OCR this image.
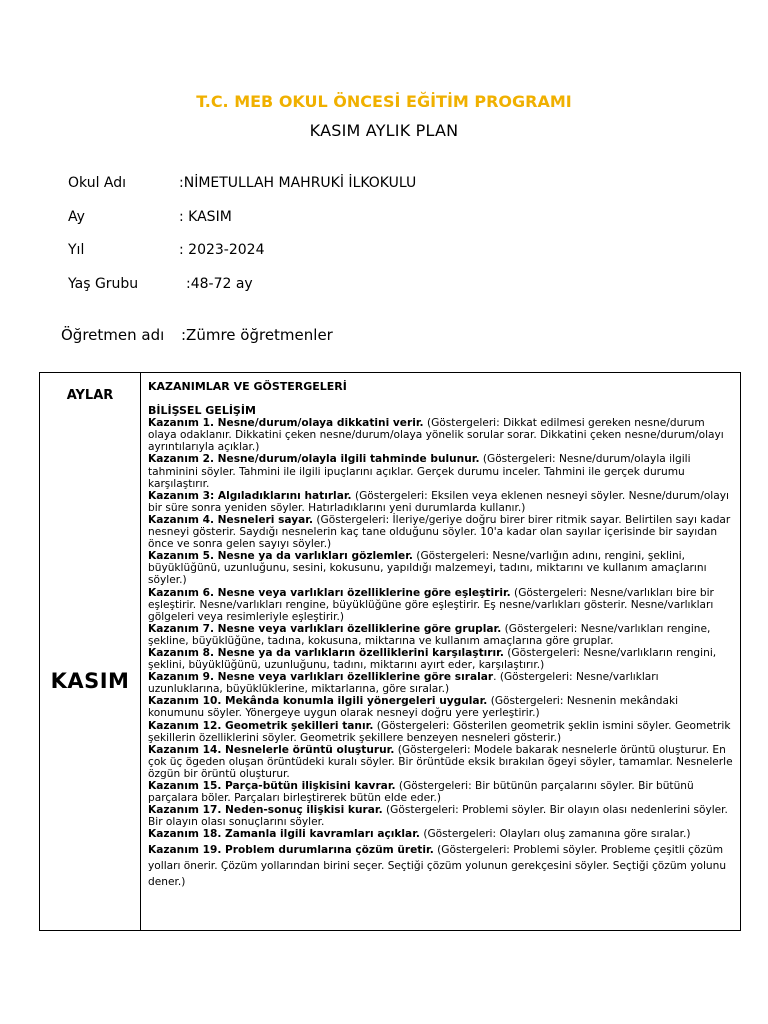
T.C. MEB OKUL ÖNCESİ EĞİTİM PROGRAMI
KASIM AYLIK PLAN
Okul Adı	:NİMETULLAH MAHRUKİ İLKOKULU
Ay	: KASIM
Yıl	: 2023-2024
Yaş Grubu	:48-72 ay
Öğretmen adı :Zümre öğretmenler
AYLAR
KASIM

KAZANIMLAR VE GÖSTERGELERİ
BİLİŞSEL GELİŞİM

Kazanım 1. Nesne/durum/olaya dikkatini verir. (Göstergeleri: Dikkat edilmesi gereken nesne/durum olaya odaklanır. Dikkatini çeken nesne/durum/olaya yönelik sorular sorar. Dikkatini çeken nesne/durum/olayı ayrıntılarıyla açıklar.)

Kazanım 2. Nesne/durum/olayla ilgili tahminde bulunur. (Göstergeleri: Nesne/durum/olayla ilgili tahminini söyler. Tahmini ile ilgili ipuçlarını açıklar. Gerçek durumu inceler. Tahmini ile gerçek durumu karşılaştırır.

Kazanım 3: Algıladıklarını hatırlar. (Göstergeleri: Eksilen veya eklenen nesneyi söyler. Nesne/durum/olayı bir süre sonra yeniden söyler. Hatırladıklarını yeni durumlarda kullanır.)

Kazanım 4. Nesneleri sayar. (Göstergeleri: İleriye/geriye doğru birer birer ritmik sayar. Belirtilen sayı kadar nesneyi gösterir. Saydığı nesnelerin kaç tane olduğunu söyler. 10'a kadar olan sayılar içerisinde bir sayıdan önce ve sonra gelen sayıyı söyler.)

Kazanım 5. Nesne ya da varlıkları gözlemler. (Göstergeleri: Nesne/varlığın adını, rengini, şeklini, büyüklüğünü, uzunluğunu, sesini, kokusunu, yapıldığı malzemeyi, tadını, miktarını ve kullanım amaçlarını söyler.)

Kazanım 6. Nesne veya varlıkları özelliklerine göre eşleştirir. (Göstergeleri: Nesne/varlıkları bire bir eşleştirir. Nesne/varlıkları rengine, büyüklüğüne göre eşleştirir. Eş nesne/varlıkları gösterir. Nesne/varlıkları gölgeleri veya resimleriyle eşleştirir.)

Kazanım 7. Nesne veya varlıkları özelliklerine göre gruplar. (Göstergeleri: Nesne/varlıkları rengine, şekline, büyüklüğüne, tadına, kokusuna, miktarına ve kullanım amaçlarına göre gruplar.

Kazanım 8. Nesne ya da varlıkların özelliklerini karşılaştırır. (Göstergeleri: Nesne/varlıkların rengini, şeklini, büyüklüğünü, uzunluğunu, tadını, miktarını ayırt eder, karşılaştırır.)

Kazanım 9. Nesne veya varlıkları özelliklerine göre sıralar. (Göstergeleri: Nesne/varlıkları uzunluklarına, büyüklüklerine, miktarlarına, göre sıralar.)

Kazanım 10. Mekânda konumla ilgili yönergeleri uygular. (Göstergeleri: Nesnenin mekândaki konumunu söyler. Yönergeye uygun olarak nesneyi doğru yere yerleştirir.)

Kazanım 12. Geometrik şekilleri tanır. (Göstergeleri: Gösterilen geometrik şeklin ismini söyler. Geometrik şekillerin özelliklerini söyler. Geometrik şekillere benzeyen nesneleri gösterir.)

Kazanım 14. Nesnelerle örüntü oluşturur. (Göstergeleri: Modele bakarak nesnelerle örüntü oluşturur. En çok üç ögeden oluşan örüntüdeki kuralı söyler. Bir örüntüde eksik bırakılan ögeyi söyler, tamamlar. Nesnelerle özgün bir örüntü oluşturur.

Kazanım 15. Parça-bütün ilişkisini kavrar. (Göstergeleri: Bir bütünün parçalarını söyler. Bir bütünü parçalara böler. Parçaları birleştirerek bütün elde eder.)

Kazanım 17. Neden-sonuç ilişkisi kurar. (Göstergeleri: Problemi söyler. Bir olayın olası nedenlerini söyler. Bir olayın olası sonuçlarını söyler.

Kazanım 18. Zamanla ilgili kavramları açıklar. (Göstergeleri: Olayları oluş zamanına göre sıralar.)

Kazanım 19. Problem durumlarına çözüm üretir. (Göstergeleri: Problemi söyler. Probleme çeşitli çözüm yolları önerir. Çözüm yollarından birini seçer. Seçtiği çözüm yolunun gerekçesini söyler. Seçtiği çözüm yolunu dener.)
